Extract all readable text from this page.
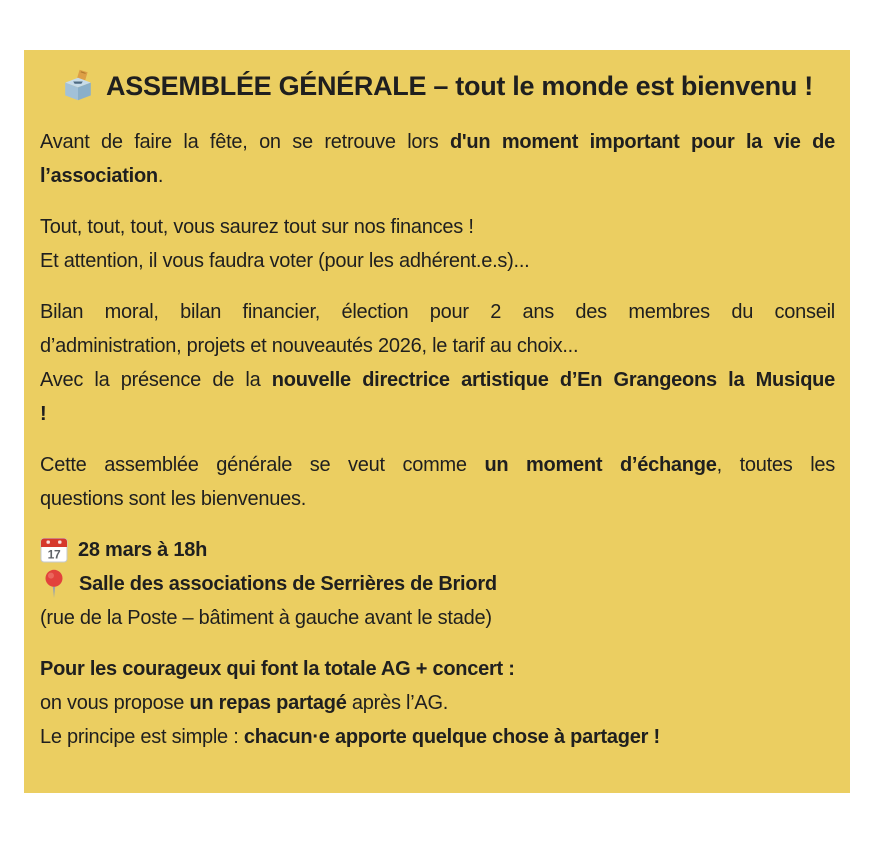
ASSEMBLÉE GÉNÉRALE – tout le monde est bienvenu !

Avant de faire la fête, on se retrouve lors d'un moment important pour la vie de
l’association.

Tout, tout, tout, vous saurez tout sur nos finances !
Et attention, il vous faudra voter (pour les adhérent.e.s)...

Bilan moral, bilan financier, élection pour 2 ans des membres du conseil
d’administration, projets et nouveautés 2026, le tarif au choix...
Avec la présence de la nouvelle directrice artistique d’En Grangeons la Musique
!

Cette assemblée générale se veut comme un moment d’échange, toutes les
questions sont les bienvenues.

17 28 mars à 18h
Salle des associations de Serrières de Briord
(rue de la Poste – bâtiment à gauche avant le stade)

Pour les courageux qui font la totale AG + concert :
on vous propose un repas partagé après l’AG.
Le principe est simple : chacun·e apporte quelque chose à partager !
